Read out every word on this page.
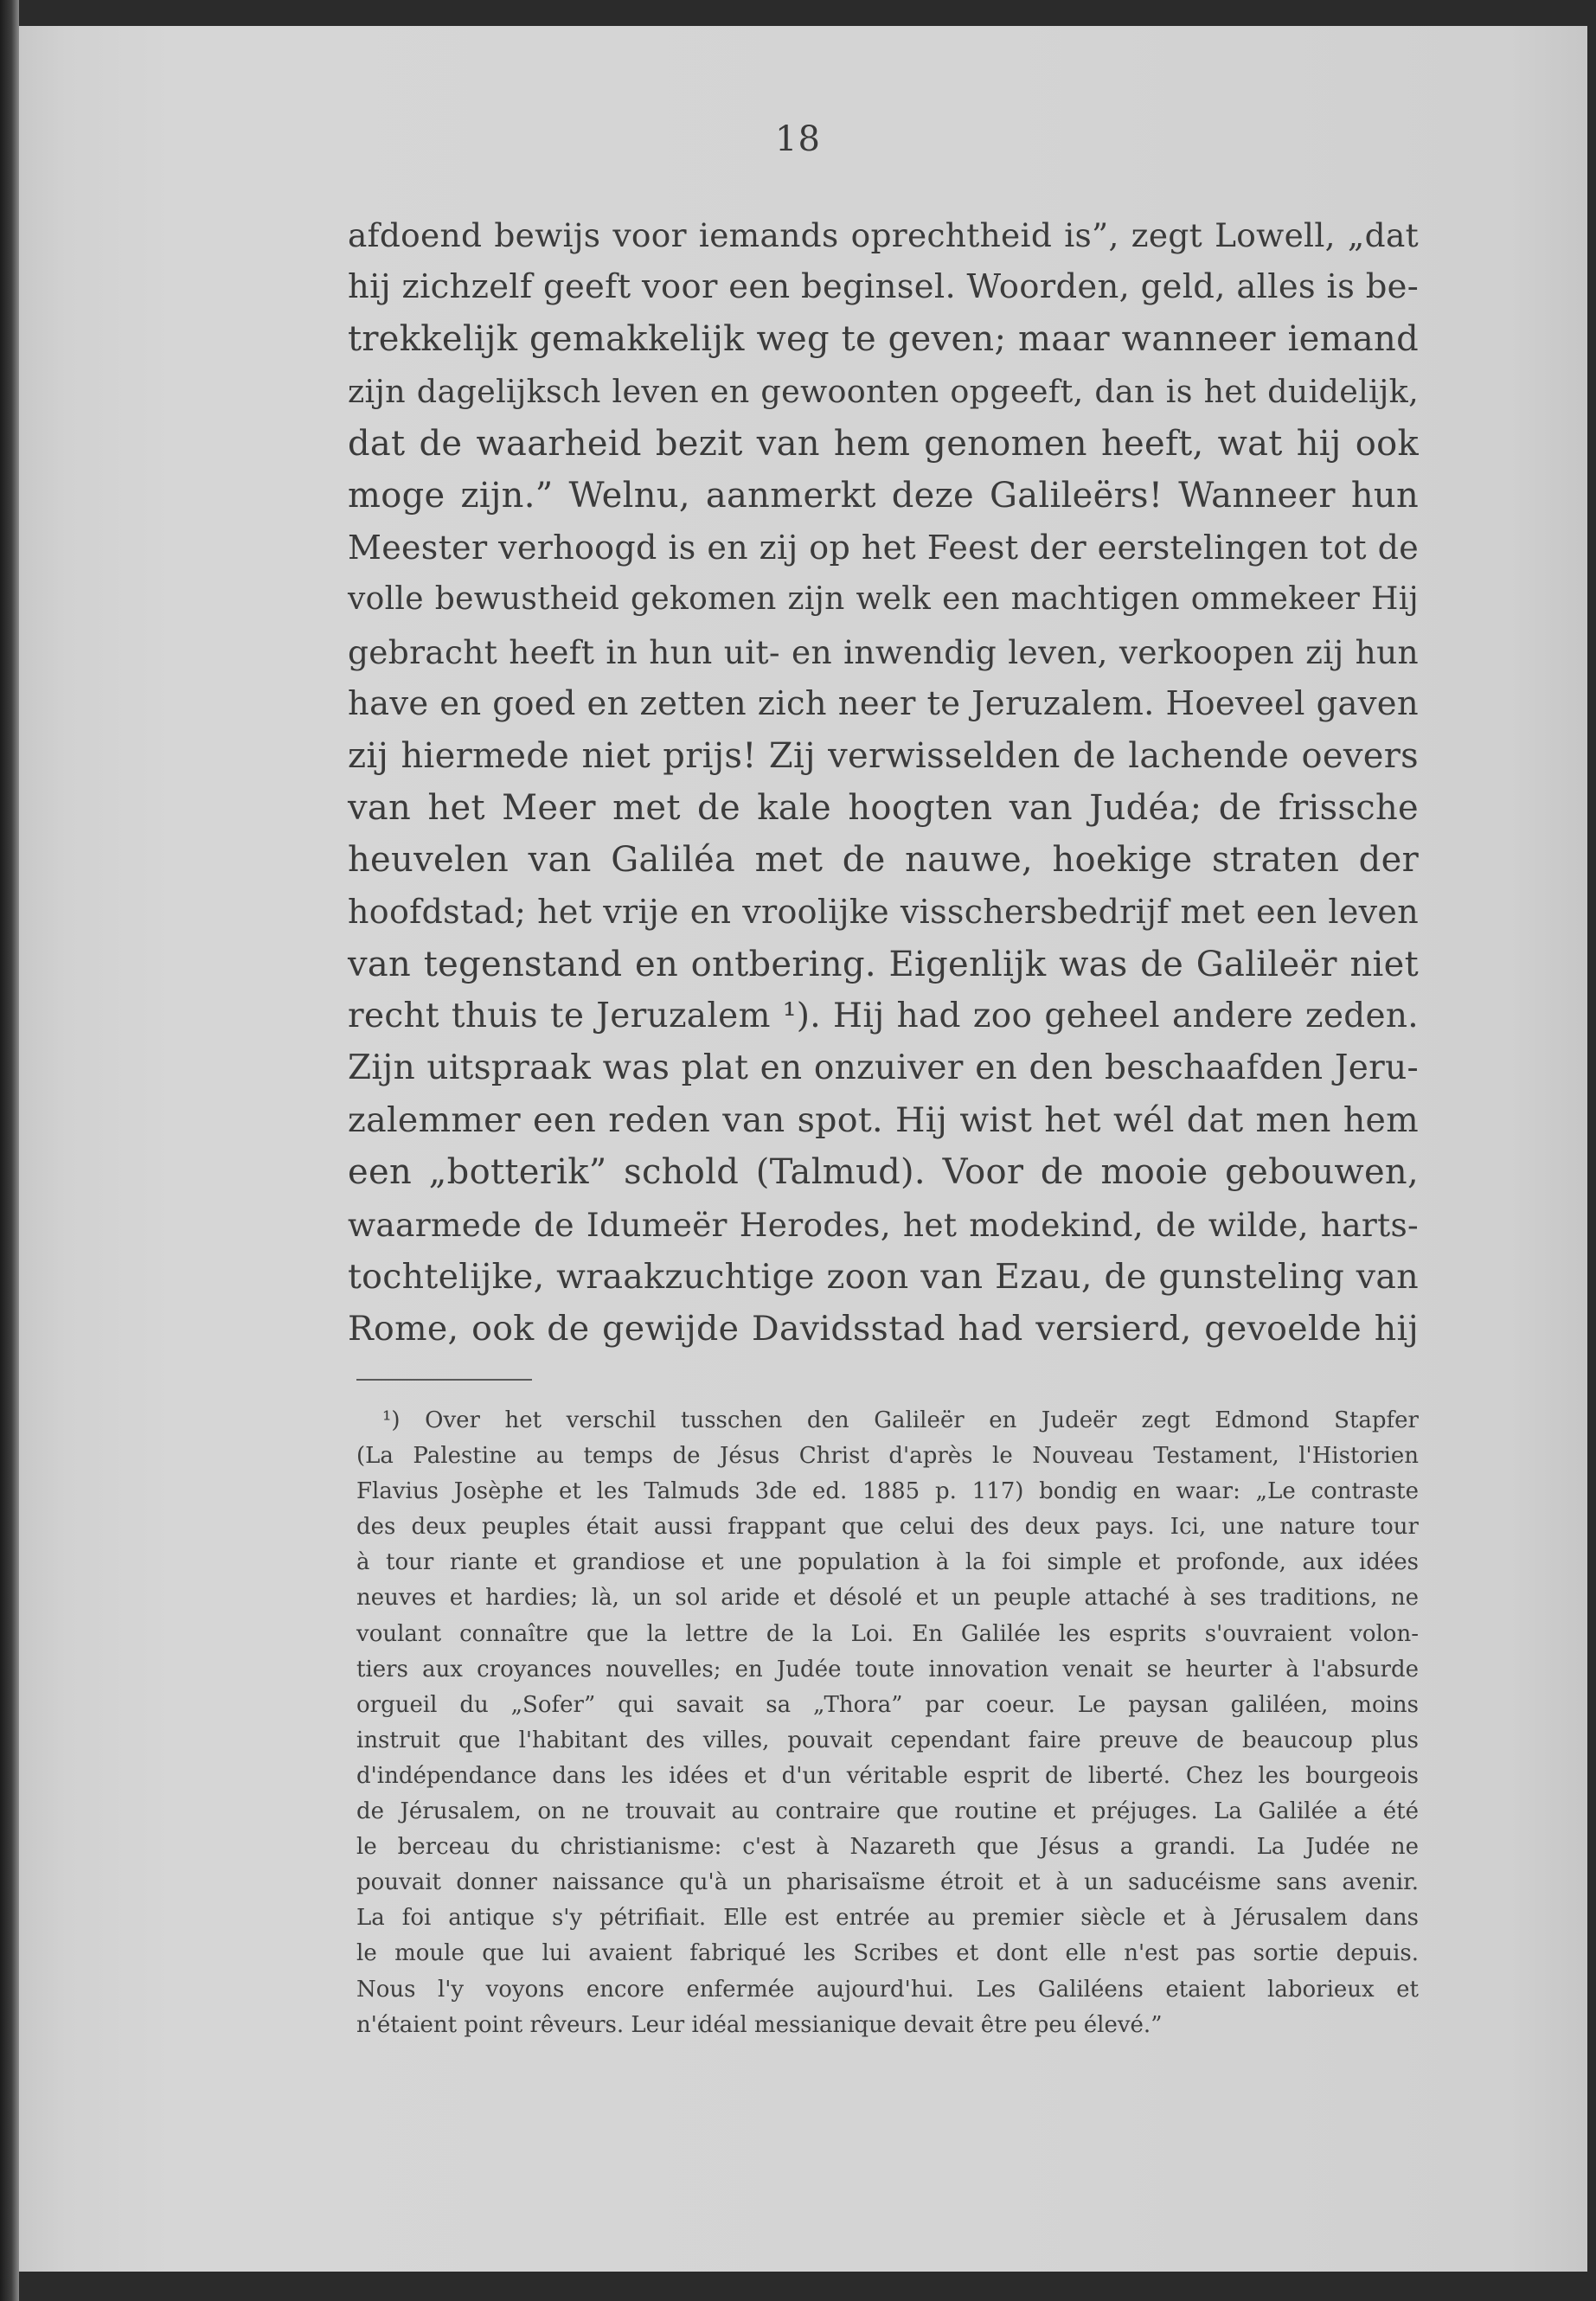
18
afdoend bewijs voor iemands oprechtheid is”, zegt Lowell, „dat
hij zichzelf geeft voor een beginsel. Woorden, geld, alles is be-
trekkelijk gemakkelijk weg te geven; maar wanneer iemand
zijn dagelijksch leven en gewoonten opgeeft, dan is het duidelijk,
dat de waarheid bezit van hem genomen heeft, wat hij ook
moge zijn.” Welnu, aanmerkt deze Galileërs! Wanneer hun
Meester verhoogd is en zij op het Feest der eerstelingen tot de
volle bewustheid gekomen zijn welk een machtigen ommekeer Hij
gebracht heeft in hun uit- en inwendig leven, verkoopen zij hun
have en goed en zetten zich neer te Jeruzalem. Hoeveel gaven
zij hiermede niet prijs! Zij verwisselden de lachende oevers
van het Meer met de kale hoogten van Judéa; de frissche
heuvelen van Galiléa met de nauwe, hoekige straten der
hoofdstad; het vrije en vroolijke visschersbedrijf met een leven
van tegenstand en ontbering. Eigenlijk was de Galileër niet
recht thuis te Jeruzalem ¹). Hij had zoo geheel andere zeden.
Zijn uitspraak was plat en onzuiver en den beschaafden Jeru-
zalemmer een reden van spot. Hij wist het wél dat men hem
een „botterik” schold (Talmud). Voor de mooie gebouwen,
waarmede de Idumeër Herodes, het modekind, de wilde, harts-
tochtelijke, wraakzuchtige zoon van Ezau, de gunsteling van
Rome, ook de gewijde Davidsstad had versierd, gevoelde hij
¹) Over het verschil tusschen den Galileër en Judeër zegt Edmond Stapfer
(La Palestine au temps de Jésus Christ d'après le Nouveau Testament, l'Historien
Flavius Josèphe et les Talmuds 3de ed. 1885 p. 117) bondig en waar: „Le contraste
des deux peuples était aussi frappant que celui des deux pays. Ici, une nature tour
à tour riante et grandiose et une population à la foi simple et profonde, aux idées
neuves et hardies; là, un sol aride et désolé et un peuple attaché à ses traditions, ne
voulant connaître que la lettre de la Loi. En Galilée les esprits s'ouvraient volon-
tiers aux croyances nouvelles; en Judée toute innovation venait se heurter à l'absurde
orgueil du „Sofer” qui savait sa „Thora” par coeur. Le paysan galiléen, moins
instruit que l'habitant des villes, pouvait cependant faire preuve de beaucoup plus
d'indépendance dans les idées et d'un véritable esprit de liberté. Chez les bourgeois
de Jérusalem, on ne trouvait au contraire que routine et préjuges. La Galilée a été
le berceau du christianisme: c'est à Nazareth que Jésus a grandi. La Judée ne
pouvait donner naissance qu'à un pharisaïsme étroit et à un saducéisme sans avenir.
La foi antique s'y pétrifiait. Elle est entrée au premier siècle et à Jérusalem dans
le moule que lui avaient fabriqué les Scribes et dont elle n'est pas sortie depuis.
Nous l'y voyons encore enfermée aujourd'hui. Les Galiléens etaient laborieux et
n'étaient point rêveurs. Leur idéal messianique devait être peu élevé.”
